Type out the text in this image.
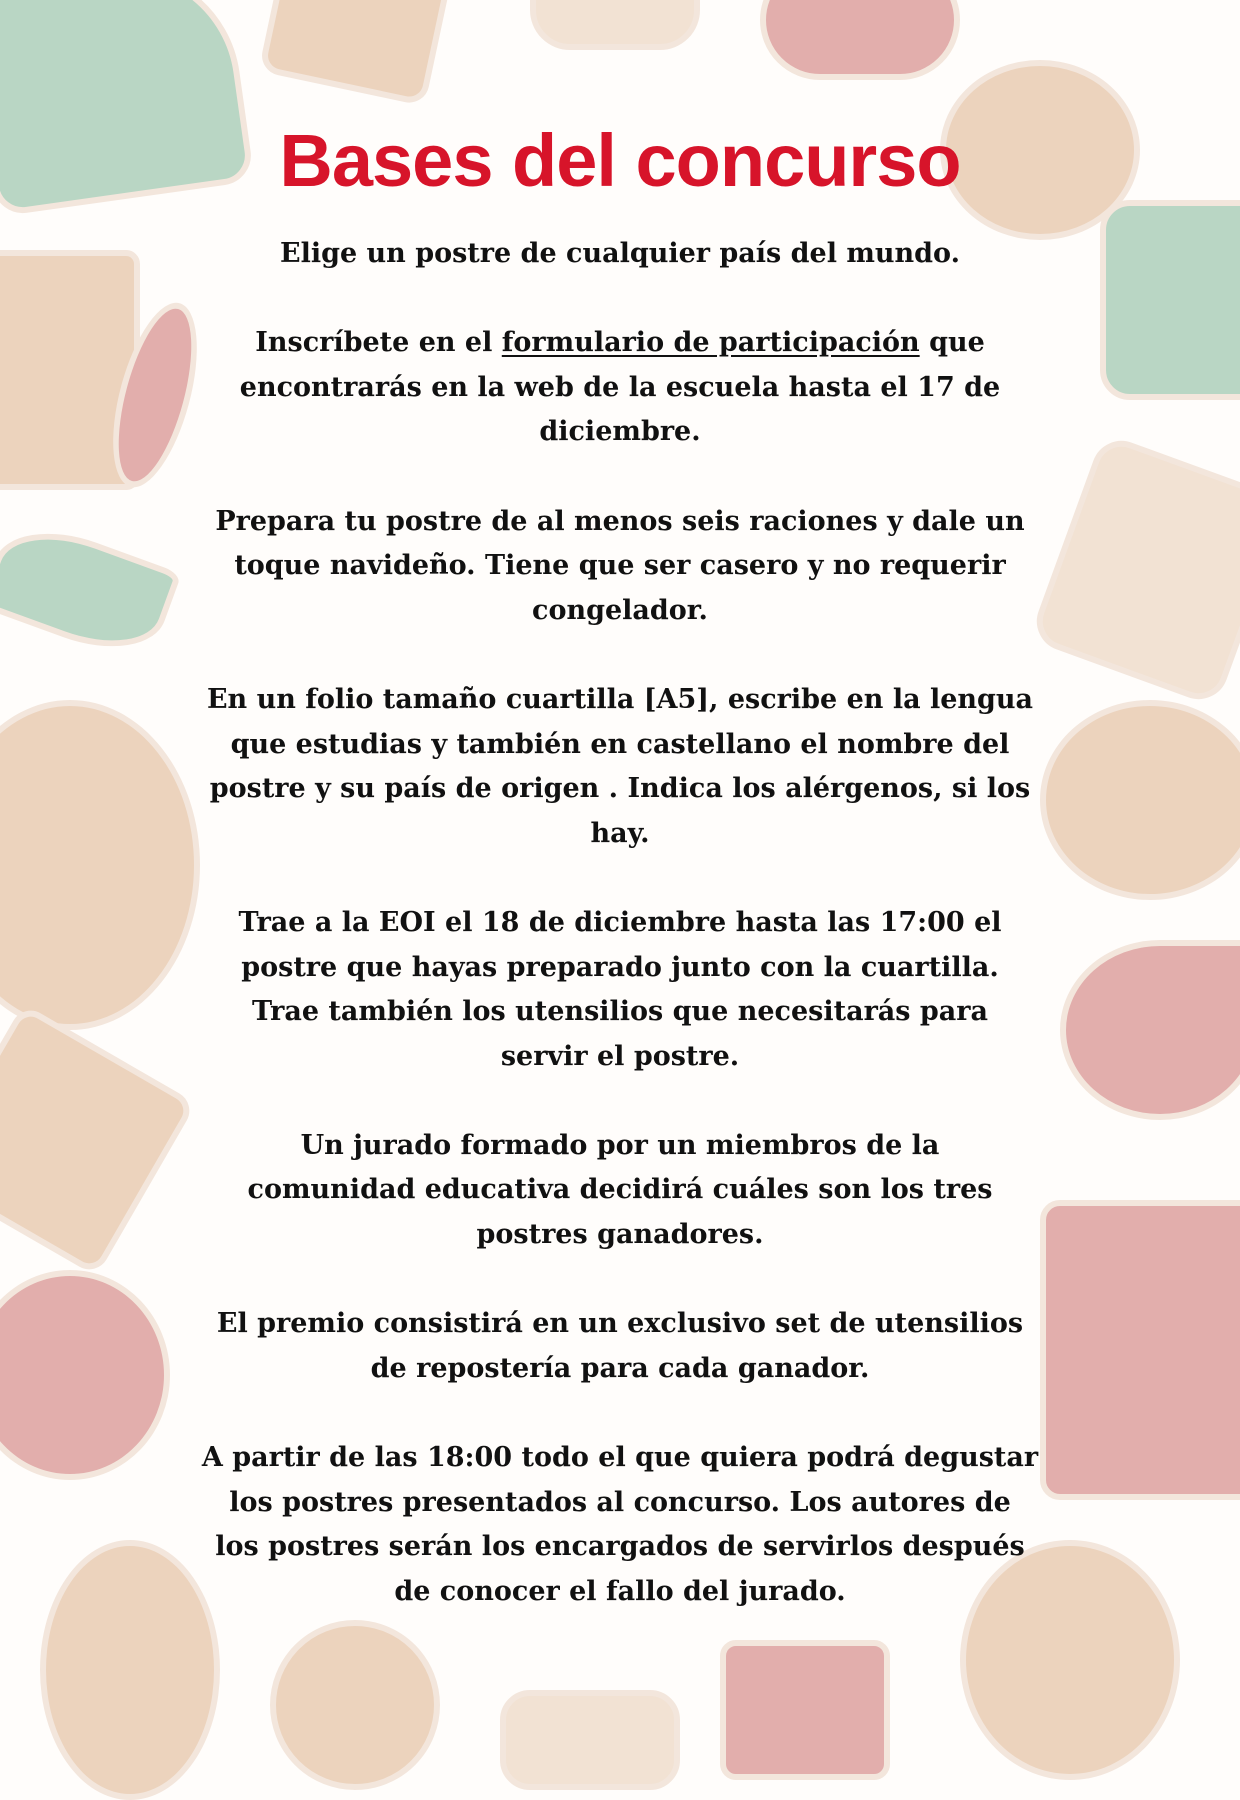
Bases del concurso

Elige un postre de cualquier país del mundo.

Inscríbete en el formulario de participación que
encontrarás en la web de la escuela hasta el 17 de
diciembre.

Prepara tu postre de al menos seis raciones y dale un
toque navideño. Tiene que ser casero y no requerir
congelador.

En un folio tamaño cuartilla [A5], escribe en la lengua
que estudias y también en castellano el nombre del
postre y su país de origen . Indica los alérgenos, si los
hay.

Trae a la EOI el 18 de diciembre hasta las 17:00 el
postre que hayas preparado junto con la cuartilla.
Trae también los utensilios que necesitarás para
servir el postre.

Un jurado formado por un miembros de la
comunidad educativa decidirá cuáles son los tres
postres ganadores.

El premio consistirá en un exclusivo set de utensilios
de repostería para cada ganador.

A partir de las 18:00 todo el que quiera podrá degustar
los postres presentados al concurso. Los autores de
los postres serán los encargados de servirlos después
de conocer el fallo del jurado.
